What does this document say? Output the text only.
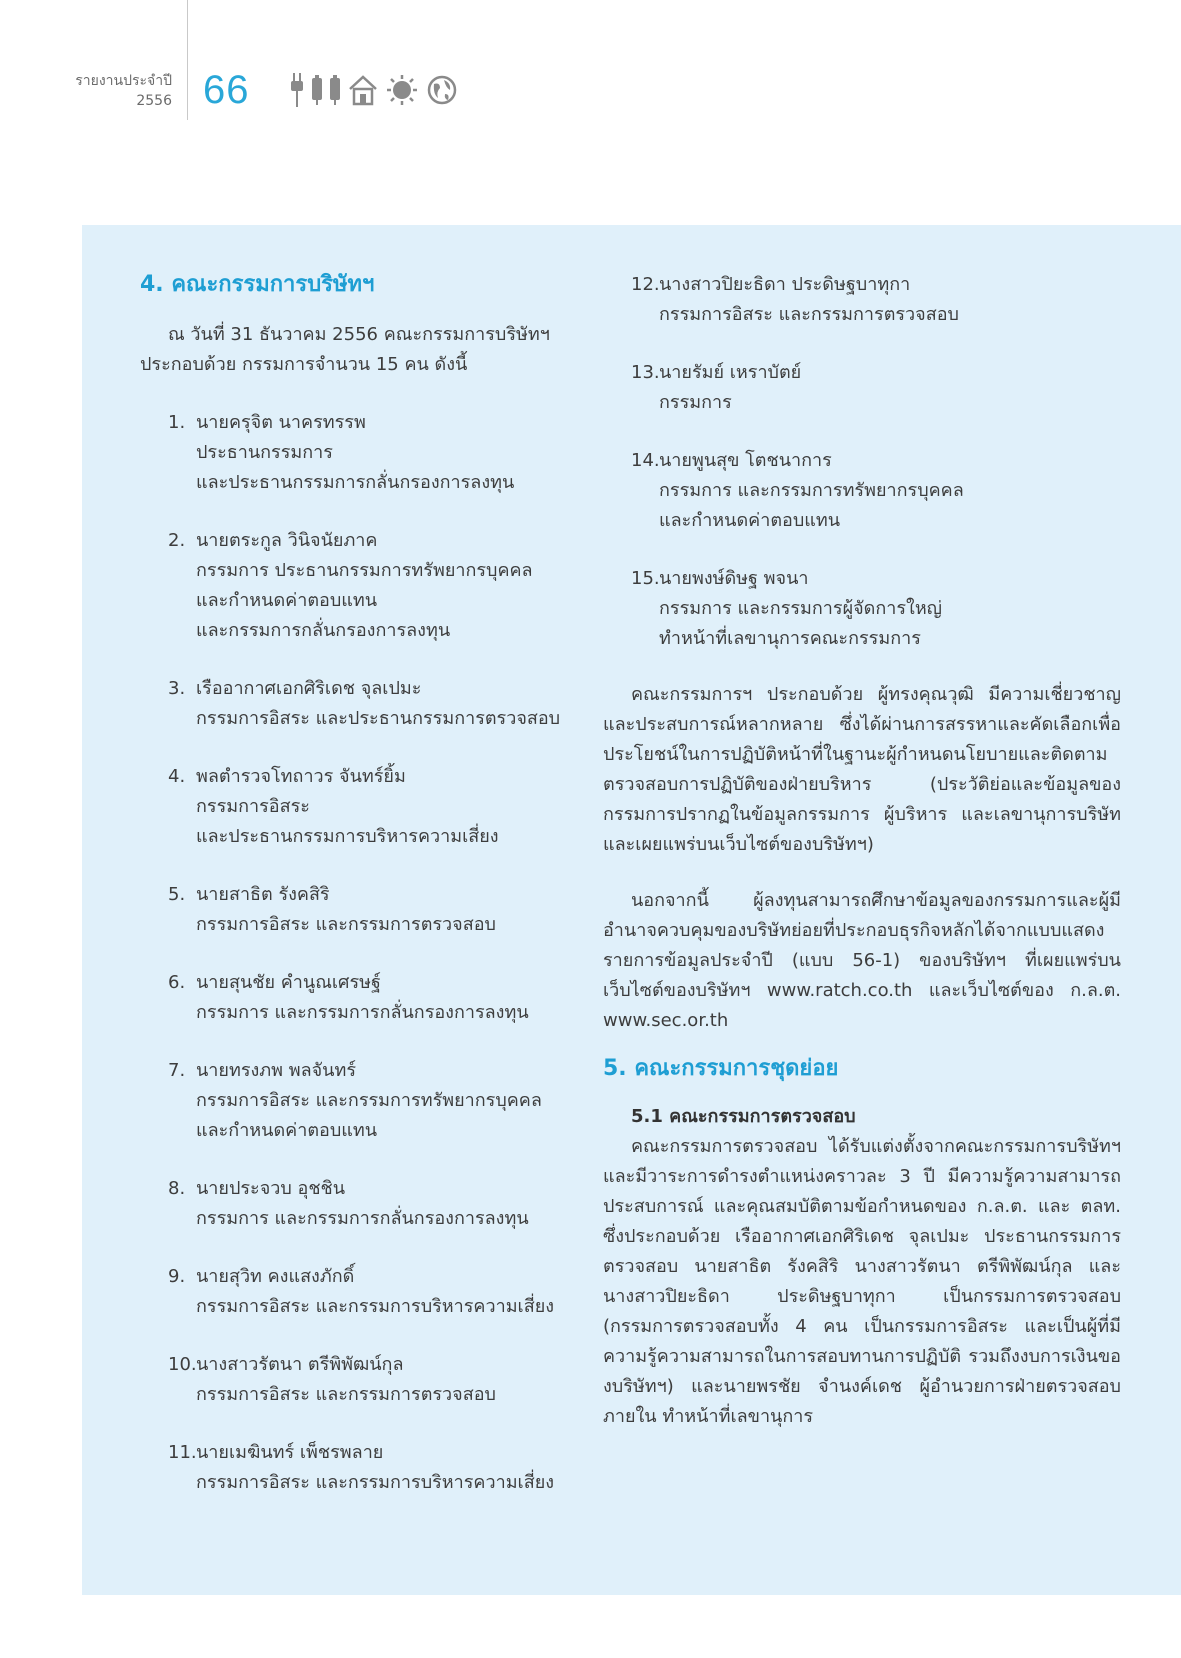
รายงานประจำปี
2556 66
4. คณะกรรมการบริษัทฯ

ณ วันที่ 31 ธันวาคม 2556 คณะกรรมการบริษัทฯ ประกอบด้วย กรรมการจำนวน 15 คน ดังนี้

1. นายครุจิต นาครทรรพ
ประธานกรรมการ
และประธานกรรมการกลั่นกรองการลงทุน
2. นายตระกูล วินิจนัยภาค
กรรมการ ประธานกรรมการทรัพยากรบุคคล
และกำหนดค่าตอบแทน
และกรรมการกลั่นกรองการลงทุน
3. เรืออากาศเอกศิริเดช จุลเปมะ
กรรมการอิสระ และประธานกรรมการตรวจสอบ
4. พลตำรวจโทถาวร จันทร์ยิ้ม
กรรมการอิสระ
และประธานกรรมการบริหารความเสี่ยง
5. นายสาธิต รังคสิริ
กรรมการอิสระ และกรรมการตรวจสอบ
6. นายสุนชัย คำนูณเศรษฐ์
กรรมการ และกรรมการกลั่นกรองการลงทุน
7. นายทรงภพ พลจันทร์
กรรมการอิสระ และกรรมการทรัพยากรบุคคล
และกำหนดค่าตอบแทน
8. นายประจวบ อุชชิน
กรรมการ และกรรมการกลั่นกรองการลงทุน
9. นายสุวิท คงแสงภักดิ์
กรรมการอิสระ และกรรมการบริหารความเสี่ยง
10. นางสาวรัตนา ตรีพิพัฒน์กุล
กรรมการอิสระ และกรรมการตรวจสอบ
11. นายเมฆินทร์ เพ็ชรพลาย
กรรมการอิสระ และกรรมการบริหารความเสี่ยง
12. นางสาวปิยะธิดา ประดิษฐบาทุกา
กรรมการอิสระ และกรรมการตรวจสอบ
13. นายรัมย์ เหราบัตย์
กรรมการ
14. นายพูนสุข โตชนาการ
กรรมการ และกรรมการทรัพยากรบุคคล
และกำหนดค่าตอบแทน
15. นายพงษ์ดิษฐ พจนา
กรรมการ และกรรมการผู้จัดการใหญ่
ทำหน้าที่เลขานุการคณะกรรมการ

คณะกรรมการฯ ประกอบด้วย ผู้ทรงคุณวุฒิ มีความเชี่ยวชาญและประสบการณ์หลากหลาย ซึ่งได้ผ่านการสรรหาและคัดเลือกเพื่อประโยชน์ในการปฏิบัติหน้าที่ในฐานะผู้กำหนดนโยบายและติดตามตรวจสอบการปฏิบัติของฝ่ายบริหาร (ประวัติย่อและข้อมูลของกรรมการปรากฏในข้อมูลกรรมการ ผู้บริหาร และเลขานุการบริษัท และเผยแพร่บนเว็บไซต์ของบริษัทฯ)

นอกจากนี้ ผู้ลงทุนสามารถศึกษาข้อมูลของกรรมการและผู้มีอำนาจควบคุมของบริษัทย่อยที่ประกอบธุรกิจหลักได้จากแบบแสดงรายการข้อมูลประจำปี (แบบ 56-1) ของบริษัทฯ ที่เผยแพร่บนเว็บไซต์ของบริษัทฯ www.ratch.co.th และเว็บไซต์ของ ก.ล.ต. www.sec.or.th

5. คณะกรรมการชุดย่อย
5.1 คณะกรรมการตรวจสอบ

คณะกรรมการตรวจสอบ ได้รับแต่งตั้งจากคณะกรรมการบริษัทฯ และมีวาระการดำรงตำแหน่งคราวละ 3 ปี มีความรู้ความสามารถ ประสบการณ์ และคุณสมบัติตามข้อกำหนดของ ก.ล.ต. และ ตลท. ซึ่งประกอบด้วย เรืออากาศเอกศิริเดช จุลเปมะ ประธานกรรมการตรวจสอบ นายสาธิต รังคสิริ นางสาวรัตนา ตรีพิพัฒน์กุล และนางสาวปิยะธิดา ประดิษฐบาทุกา เป็นกรรมการตรวจสอบ (กรรมการตรวจสอบทั้ง 4 คน เป็นกรรมการอิสระ และเป็นผู้ที่มีความรู้ความสามารถในการสอบทานการปฏิบัติ รวมถึงงบการเงินของบริษัทฯ) และนายพรชัย จำนงค์เดช ผู้อำนวยการฝ่ายตรวจสอบภายใน ทำหน้าที่เลขานุการ
